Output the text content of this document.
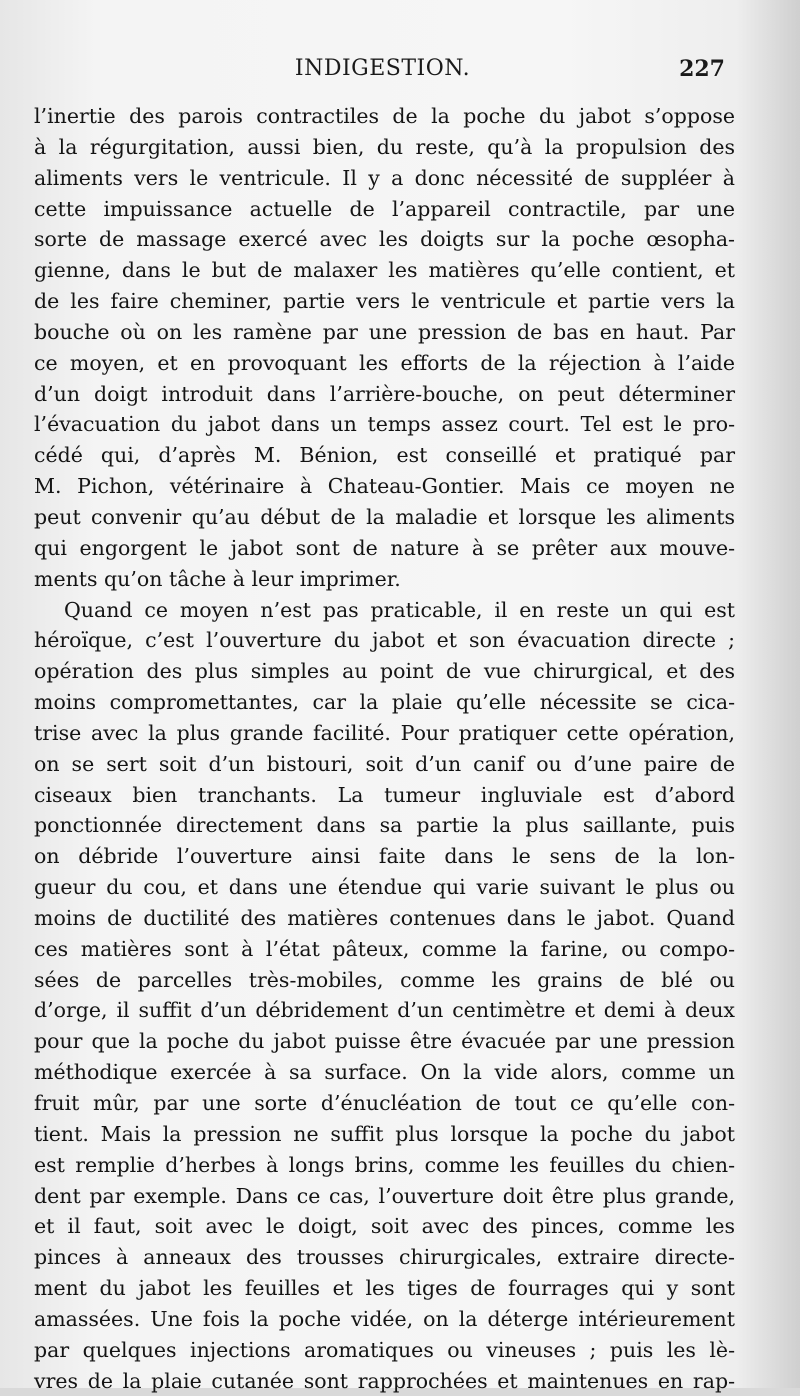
INDIGESTION.	227
l’inertie des parois contractiles de la poche du jabot s’oppose
à la régurgitation, aussi bien, du reste, qu’à la propulsion des
aliments vers le ventricule. Il y a donc nécessité de suppléer à
cette impuissance actuelle de l’appareil contractile, par une
sorte de massage exercé avec les doigts sur la poche œsopha-
gienne, dans le but de malaxer les matières qu’elle contient, et
de les faire cheminer, partie vers le ventricule et partie vers la
bouche où on les ramène par une pression de bas en haut. Par
ce moyen, et en provoquant les efforts de la réjection à l’aide
d’un doigt introduit dans l’arrière-bouche, on peut déterminer
l’évacuation du jabot dans un temps assez court. Tel est le pro-
cédé qui, d’après M. Bénion, est conseillé et pratiqué par
M. Pichon, vétérinaire à Chateau-Gontier. Mais ce moyen ne
peut convenir qu’au début de la maladie et lorsque les aliments
qui engorgent le jabot sont de nature à se prêter aux mouve-
ments qu’on tâche à leur imprimer.
Quand ce moyen n’est pas praticable, il en reste un qui est
héroïque, c’est l’ouverture du jabot et son évacuation directe ;
opération des plus simples au point de vue chirurgical, et des
moins compromettantes, car la plaie qu’elle nécessite se cica-
trise avec la plus grande facilité. Pour pratiquer cette opération,
on se sert soit d’un bistouri, soit d’un canif ou d’une paire de
ciseaux bien tranchants. La tumeur ingluviale est d’abord
ponctionnée directement dans sa partie la plus saillante, puis
on débride l’ouverture ainsi faite dans le sens de la lon-
gueur du cou, et dans une étendue qui varie suivant le plus ou
moins de ductilité des matières contenues dans le jabot. Quand
ces matières sont à l’état pâteux, comme la farine, ou compo-
sées de parcelles très-mobiles, comme les grains de blé ou
d’orge, il suffit d’un débridement d’un centimètre et demi à deux
pour que la poche du jabot puisse être évacuée par une pression
méthodique exercée à sa surface. On la vide alors, comme un
fruit mûr, par une sorte d’énucléation de tout ce qu’elle con-
tient. Mais la pression ne suffit plus lorsque la poche du jabot
est remplie d’herbes à longs brins, comme les feuilles du chien-
dent par exemple. Dans ce cas, l’ouverture doit être plus grande,
et il faut, soit avec le doigt, soit avec des pinces, comme les
pinces à anneaux des trousses chirurgicales, extraire directe-
ment du jabot les feuilles et les tiges de fourrages qui y sont
amassées. Une fois la poche vidée, on la déterge intérieurement
par quelques injections aromatiques ou vineuses ; puis les lè-
vres de la plaie cutanée sont rapprochées et maintenues en rap-
